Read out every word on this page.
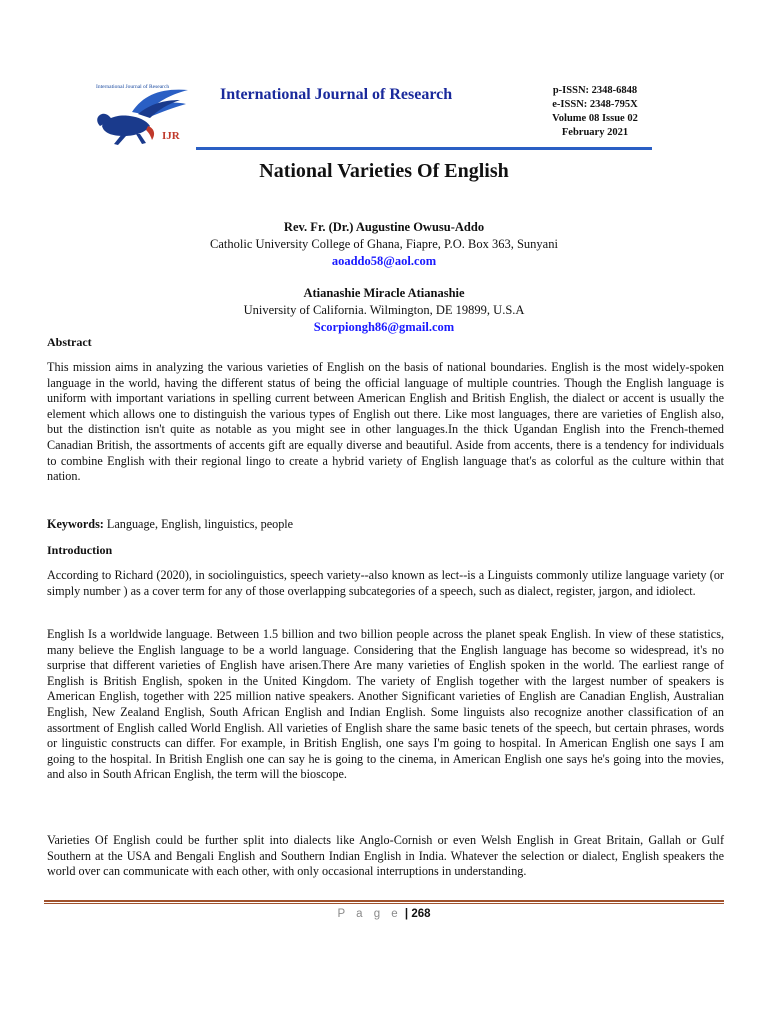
International Journal of Research
IJR
International Journal of Research	p-ISSN: 2348-6848
e-ISSN: 2348-795X
Volume 08 Issue 02
February 2021
National Varieties Of English
Rev. Fr. (Dr.) Augustine Owusu-Addo
Catholic University College of Ghana, Fiapre, P.O. Box 363, Sunyani
aoaddo58@aol.com
Atianashie Miracle Atianashie
University of California. Wilmington, DE 19899, U.S.A
Scorpiongh86@gmail.com
Abstract
This mission aims in analyzing the various varieties of English on the basis of national boundaries. English is the most widely-spoken language in the world, having the different status of being the official language of multiple countries. Though the English language is uniform with important variations in spelling current between American English and British English, the dialect or accent is usually the element which allows one to distinguish the various types of English out there. Like most languages, there are varieties of English also, but the distinction isn't quite as notable as you might see in other languages.In the thick Ugandan English into the French-themed Canadian British, the assortments of accents gift are equally diverse and beautiful. Aside from accents, there is a tendency for individuals to combine English with their regional lingo to create a hybrid variety of English language that's as colorful as the culture within that nation.
Keywords: Language, English, linguistics, people
Introduction
According to Richard (2020), in sociolinguistics, speech variety--also known as lect--is a Linguists commonly utilize language variety (or simply number ) as a cover term for any of those overlapping subcategories of a speech, such as dialect, register, jargon, and idiolect.
English Is a worldwide language. Between 1.5 billion and two billion people across the planet speak English. In view of these statistics, many believe the English language to be a world language. Considering that the English language has become so widespread, it's no surprise that different varieties of English have arisen.There Are many varieties of English spoken in the world. The earliest range of English is British English, spoken in the United Kingdom. The variety of English together with the largest number of speakers is American English, together with 225 million native speakers. Another Significant varieties of English are Canadian English, Australian English, New Zealand English, South African English and Indian English. Some linguists also recognize another classification of an assortment of English called World English. All varieties of English share the same basic tenets of the speech, but certain phrases, words or linguistic constructs can differ. For example, in British English, one says I'm going to hospital. In American English one says I am going to the hospital. In British English one can say he is going to the cinema, in American English one says he's going into the movies, and also in South African English, the term will the bioscope.
Varieties Of English could be further split into dialects like Anglo-Cornish or even Welsh English in Great Britain, Gallah or Gulf Southern at the USA and Bengali English and Southern Indian English in India. Whatever the selection or dialect, English speakers the world over can communicate with each other, with only occasional interruptions in understanding.
P a g e | 268
